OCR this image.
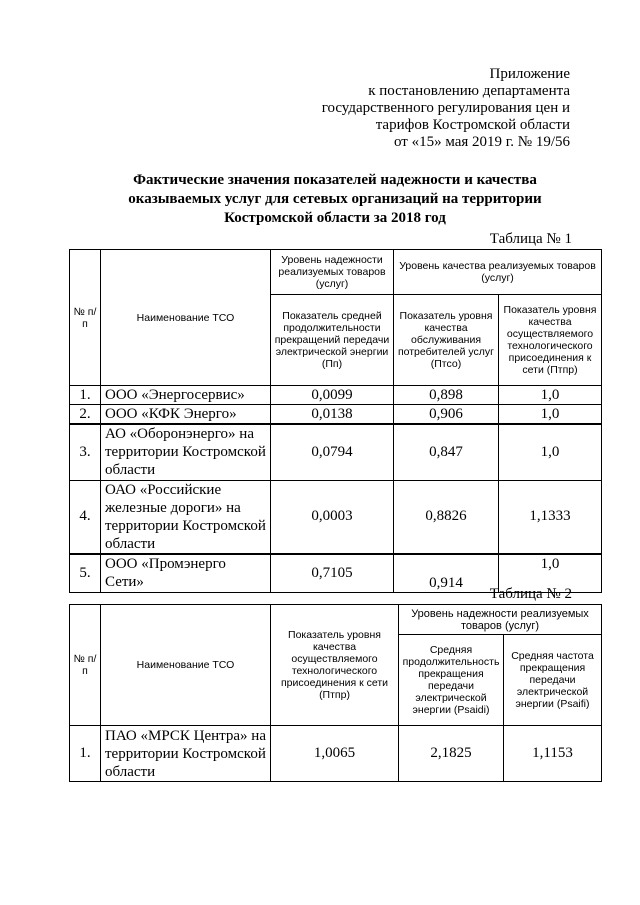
Приложение
к постановлению департамента
государственного регулирования цен и
тарифов Костромской области
от «15» мая 2019 г. № 19/56
Фактические значения показателей надежности и качества
оказываемых услуг для сетевых организаций на территории
Костромской области за 2018 год
Таблица № 1
№ п/п	Наименование ТСО	Уровень надежности реализуемых товаров (услуг)	Уровень качества реализуемых товаров (услуг)	
		Показатель средней продолжительности прекращений передачи электрической энергии (Пп)	Показатель уровня качества обслуживания потребителей услуг (Птсо)	Показатель уровня качества осуществляемого технологического присоединения к сети (Птпр)
1.	ООО «Энергосервис»	0,0099	0,898	1,0
2.	ООО «КФК Энерго»	0,0138	0,906	1,0
3.	АО «Оборонэнерго» на территории Костромской области	0,0794	0,847	1,0
4.	ОАО «Российские железные дороги» на территории Костромской области	0,0003	0,8826	1,1333
5.	ООО «Промэнерго Сети»	0,7105	0,914	1,0
Таблица № 2
№ п/п	Наименование ТСО	Показатель уровня качества осуществляемого технологического присоединения к сети (Птпр)	Уровень надежности реализуемых товаров (услуг)	
			Средняя продолжительность прекращения передачи электрической энергии (Psaidi)	Средняя частота прекращения передачи электрической энергии (Psaifi)
1.	ПАО «МРСК Центра» на территории Костромской области	1,0065	2,1825	1,1153
